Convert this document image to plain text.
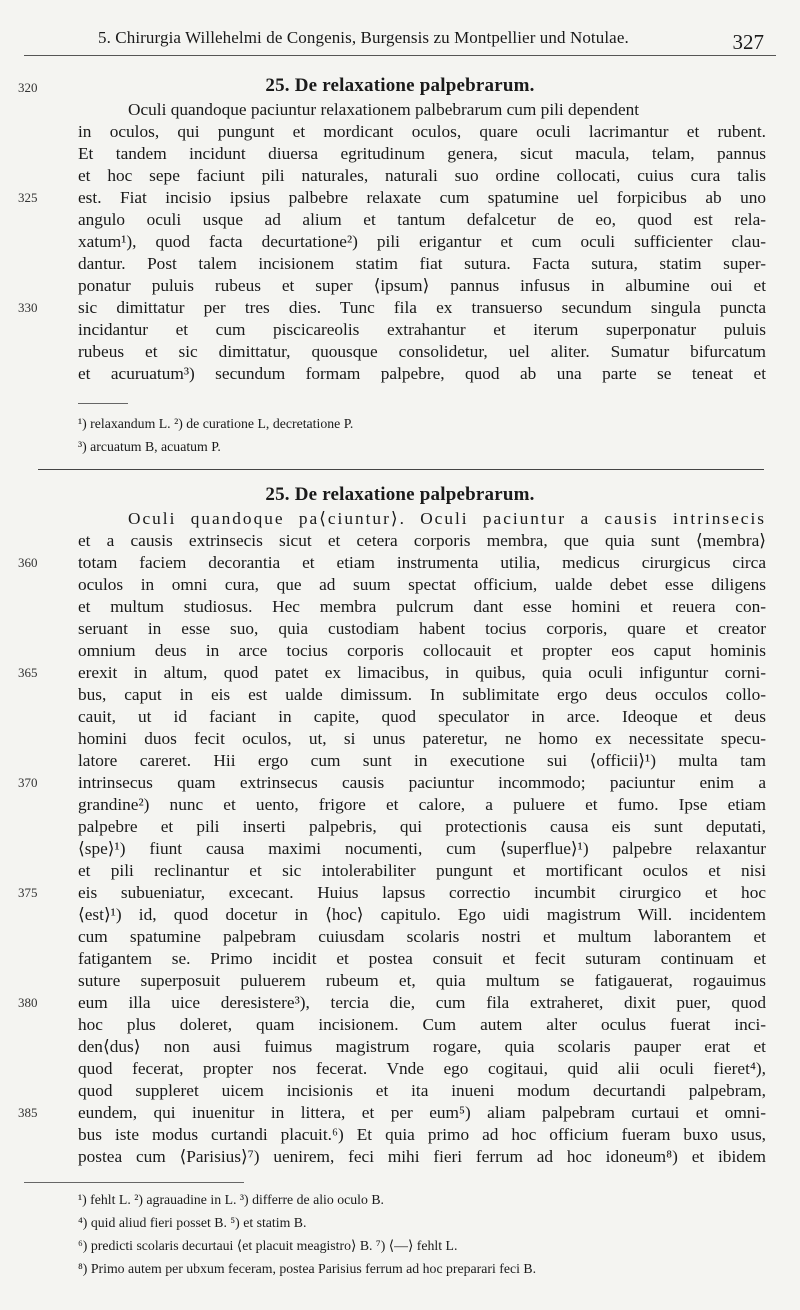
5. Chirurgia Willehelmi de Congenis, Burgensis zu Montpellier und Notulae.	327
25. De relaxatione palpebrarum.
320
325
330
Oculi quandoque paciuntur relaxationem palbebrarum cum pili dependent
in oculos, qui pungunt et mordicant oculos, quare oculi lacrimantur et rubent.
Et tandem incidunt diuersa egritudinum genera, sicut macula, telam, pannus
et hoc sepe faciunt pili naturales, naturali suo ordine collocati, cuius cura talis
est. Fiat incisio ipsius palbebre relaxate cum spatumine uel forpicibus ab uno
angulo oculi usque ad alium et tantum defalcetur de eo, quod est rela-
xatum¹), quod facta decurtatione²) pili erigantur et cum oculi sufficienter clau-
dantur. Post talem incisionem statim fiat sutura. Facta sutura, statim super-
ponatur puluis rubeus et super ⟨ipsum⟩ pannus infusus in albumine oui et
sic dimittatur per tres dies. Tunc fila ex transuerso secundum singula puncta
incidantur et cum piscicareolis extrahantur et iterum superponatur puluis
rubeus et sic dimittatur, quousque consolidetur, uel aliter. Sumatur bifurcatum
et acuruatum³) secundum formam palpebre, quod ab una parte se teneat et
¹) relaxandum L. ²) de curatione L, decretatione P.
³) arcuatum B, acuatum P.
25. De relaxatione palpebrarum.
Oculi quandoque pa⟨ciuntur⟩. Oculi paciuntur a causis intrinsecis
et a causis extrinsecis sicut et cetera corporis membra, que quia sunt ⟨membra⟩
totam faciem decorantia et etiam instrumenta utilia, medicus cirurgicus circa
oculos in omni cura, que ad suum spectat officium, ualde debet esse diligens
et multum studiosus. Hec membra pulcrum dant esse homini et reuera con-
seruant in esse suo, quia custodiam habent tocius corporis, quare et creator
omnium deus in arce tocius corporis collocauit et propter eos caput hominis
erexit in altum, quod patet ex limacibus, in quibus, quia oculi infiguntur corni-
bus, caput in eis est ualde dimissum. In sublimitate ergo deus occulos collo-
cauit, ut id faciant in capite, quod speculator in arce. Ideoque et deus
homini duos fecit oculos, ut, si unus pateretur, ne homo ex necessitate specu-
latore careret. Hii ergo cum sunt in executione sui ⟨officii⟩¹) multa tam
intrinsecus quam extrinsecus causis paciuntur incommodo; paciuntur enim a
grandine²) nunc et uento, frigore et calore, a puluere et fumo. Ipse etiam
palpebre et pili inserti palpebris, qui protectionis causa eis sunt deputati,
⟨spe⟩¹) fiunt causa maximi nocumenti, cum ⟨superflue⟩¹) palpebre relaxantur
et pili reclinantur et sic intolerabiliter pungunt et mortificant oculos et nisi
eis subueniatur, excecant. Huius lapsus correctio incumbit cirurgico et hoc
⟨est⟩¹) id, quod docetur in ⟨hoc⟩ capitulo. Ego uidi magistrum Will. incidentem
cum spatumine palpebram cuiusdam scolaris nostri et multum laborantem et
fatigantem se. Primo incidit et postea consuit et fecit suturam continuam et
suture superposuit puluerem rubeum et, quia multum se fatigauerat, rogauimus
eum illa uice deresistere³), tercia die, cum fila extraheret, dixit puer, quod
hoc plus doleret, quam incisionem. Cum autem alter oculus fuerat inci-
den⟨dus⟩ non ausi fuimus magistrum rogare, quia scolaris pauper erat et
quod fecerat, propter nos fecerat. Vnde ego cogitaui, quid alii oculi fieret⁴),
quod suppleret uicem incisionis et ita inueni modum decurtandi palpebram,
eundem, qui inuenitur in littera, et per eum⁵) aliam palpebram curtaui et omni-
bus iste modus curtandi placuit.⁶) Et quia primo ad hoc officium fueram buxo usus,
postea cum ⟨Parisius⟩⁷) uenirem, feci mihi fieri ferrum ad hoc idoneum⁸) et ibidem
360
365
370
375
380
385
¹) fehlt L. ²) agrauadine in L. ³) differre de alio oculo B.
⁴) quid aliud fieri posset B. ⁵) et statim B.
⁶) predicti scolaris decurtaui ⟨et placuit meagistro⟩ B. ⁷) ⟨—⟩ fehlt L.
⁸) Primo autem per ubxum feceram, postea Parisius ferrum ad hoc preparari feci B.
